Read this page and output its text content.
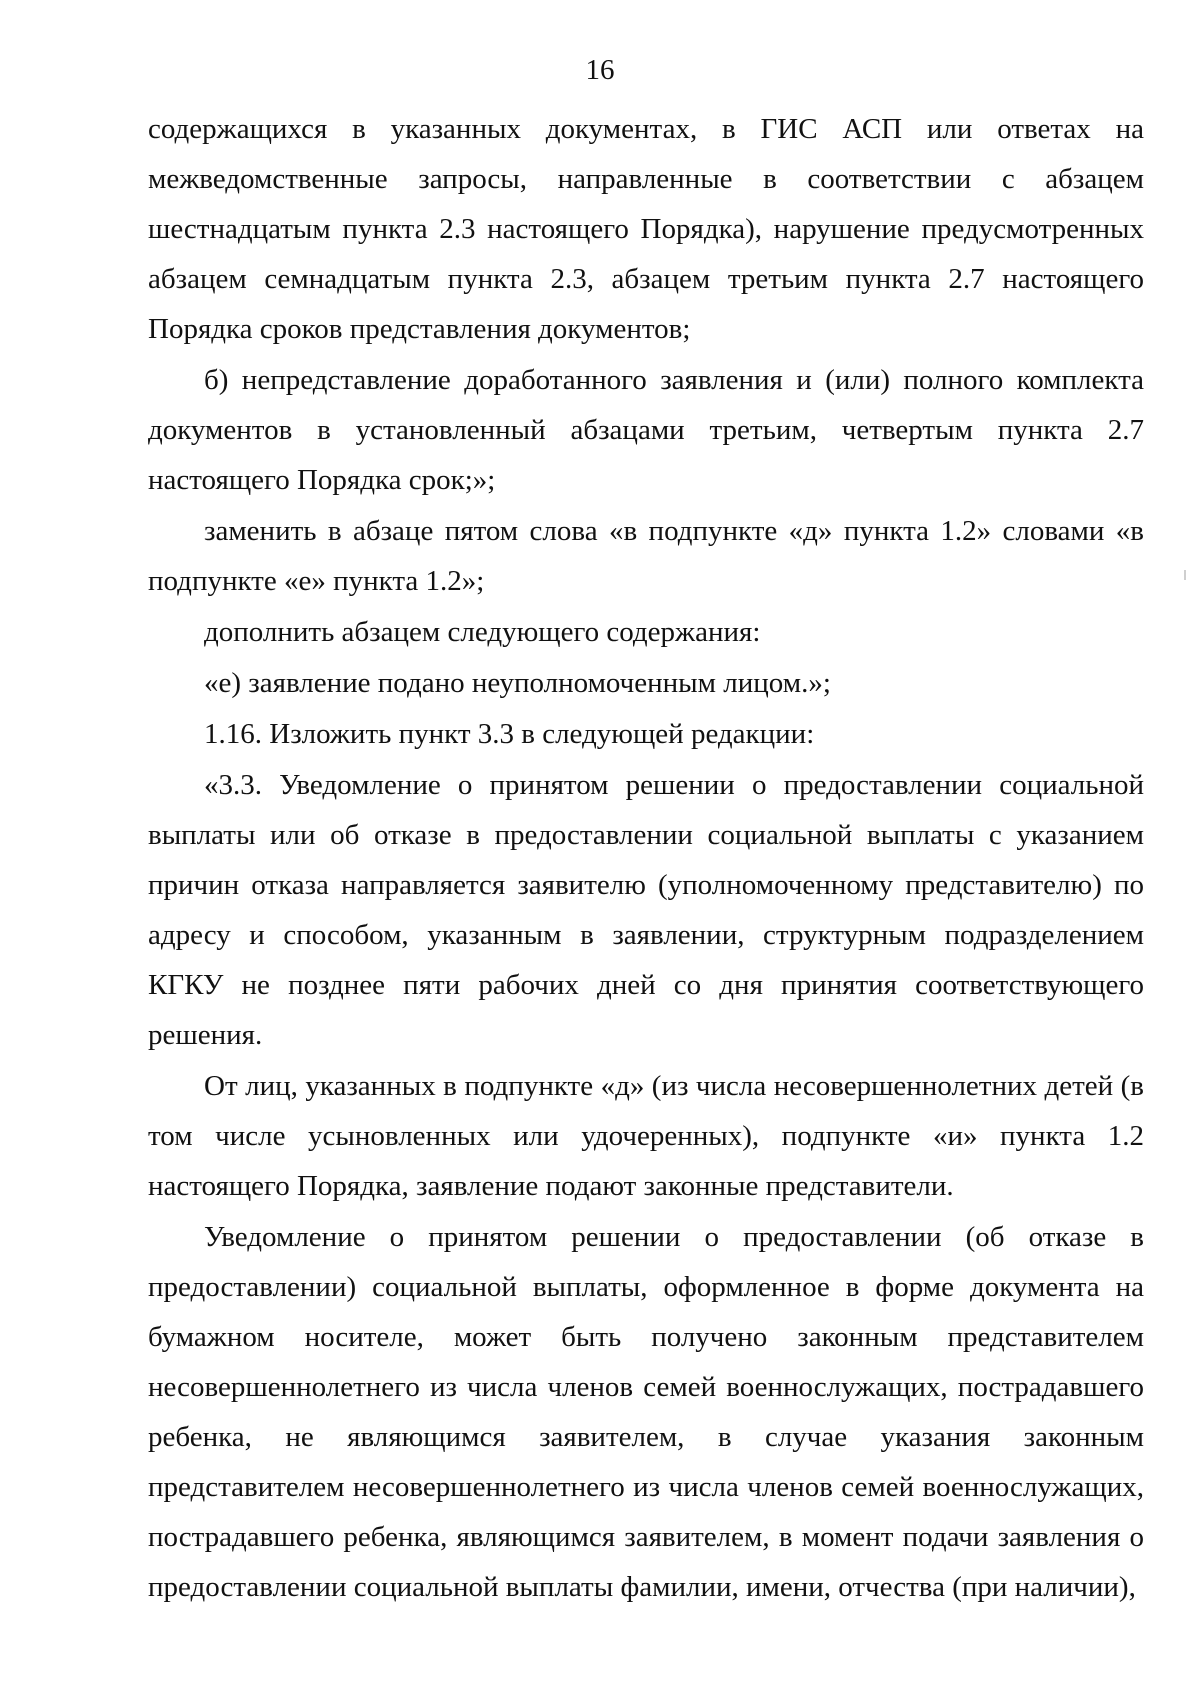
16

содержащихся в указанных документах, в ГИС АСП или ответах на межведомственные запросы, направленные в соответствии с абзацем шестнадцатым пункта 2.3 настоящего Порядка), нарушение предусмотренных абзацем семнадцатым пункта 2.3, абзацем третьим пункта 2.7 настоящего Порядка сроков представления документов;

б) непредставление доработанного заявления и (или) полного комплекта документов в установленный абзацами третьим, четвертым пункта 2.7 настоящего Порядка срок;»;

заменить в абзаце пятом слова «в подпункте «д» пункта 1.2» словами «в подпункте «е» пункта 1.2»;

дополнить абзацем следующего содержания:

«е) заявление подано неуполномоченным лицом.»;

1.16. Изложить пункт 3.3 в следующей редакции:

«3.3. Уведомление о принятом решении о предоставлении социальной выплаты или об отказе в предоставлении социальной выплаты с указанием причин отказа направляется заявителю (уполномоченному представителю) по адресу и способом, указанным в заявлении, структурным подразделением КГКУ не позднее пяти рабочих дней со дня принятия соответствующего решения.

От лиц, указанных в подпункте «д» (из числа несовершеннолетних детей (в том числе усыновленных или удочеренных), подпункте «и» пункта 1.2 настоящего Порядка, заявление подают законные представители.

Уведомление о принятом решении о предоставлении (об отказе в предоставлении) социальной выплаты, оформленное в форме документа на бумажном носителе, может быть получено законным представителем несовершеннолетнего из числа членов семей военнослужащих, пострадавшего ребенка, не являющимся заявителем, в случае указания законным представителем несовершеннолетнего из числа членов семей военнослужащих, пострадавшего ребенка, являющимся заявителем, в момент подачи заявления о предоставлении социальной выплаты фамилии, имени, отчества (при наличии),
